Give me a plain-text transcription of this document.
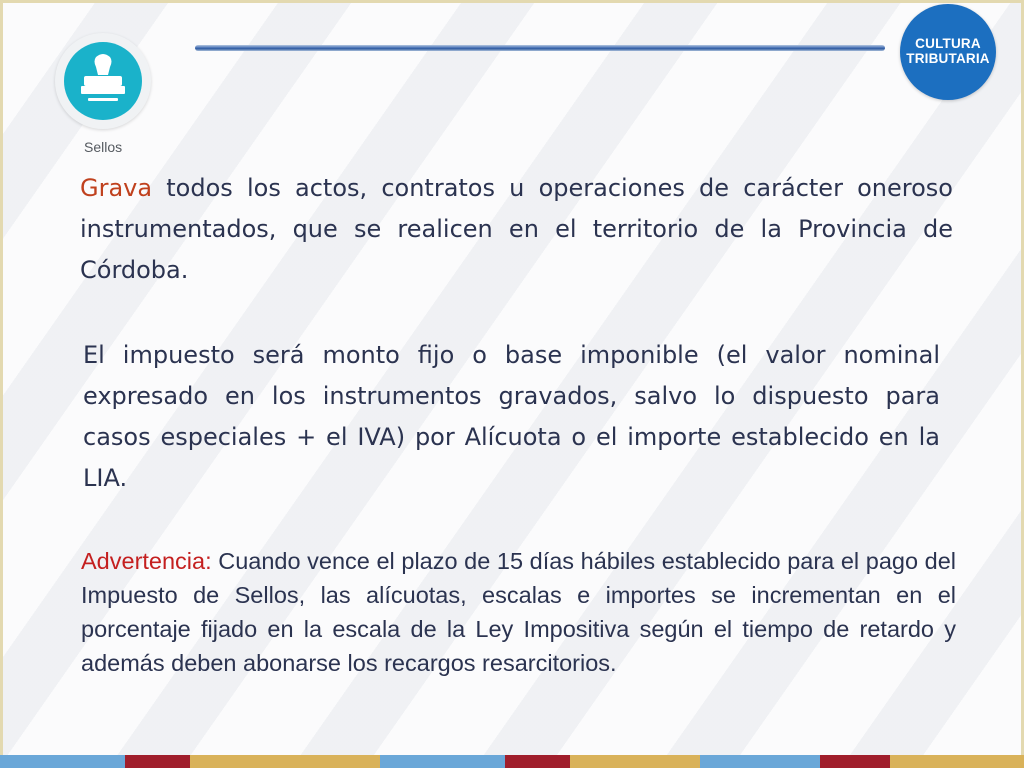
Sellos
CULTURA
TRIBUTARIA

Grava todos los actos, contratos u operaciones de carácter oneroso instrumentados, que se realicen en el territorio de la Provincia de Córdoba.

El impuesto será monto fijo o base imponible (el valor nominal expresado en los instrumentos gravados, salvo lo dispuesto para casos especiales + el IVA) por Alícuota o el importe establecido en la LIA.

Advertencia: Cuando vence el plazo de 15 días hábiles establecido para el pago del Impuesto de Sellos, las alícuotas, escalas e importes se incrementan en el porcentaje fijado en la escala de la Ley Impositiva según el tiempo de retardo y además deben abonarse los recargos resarcitorios.
